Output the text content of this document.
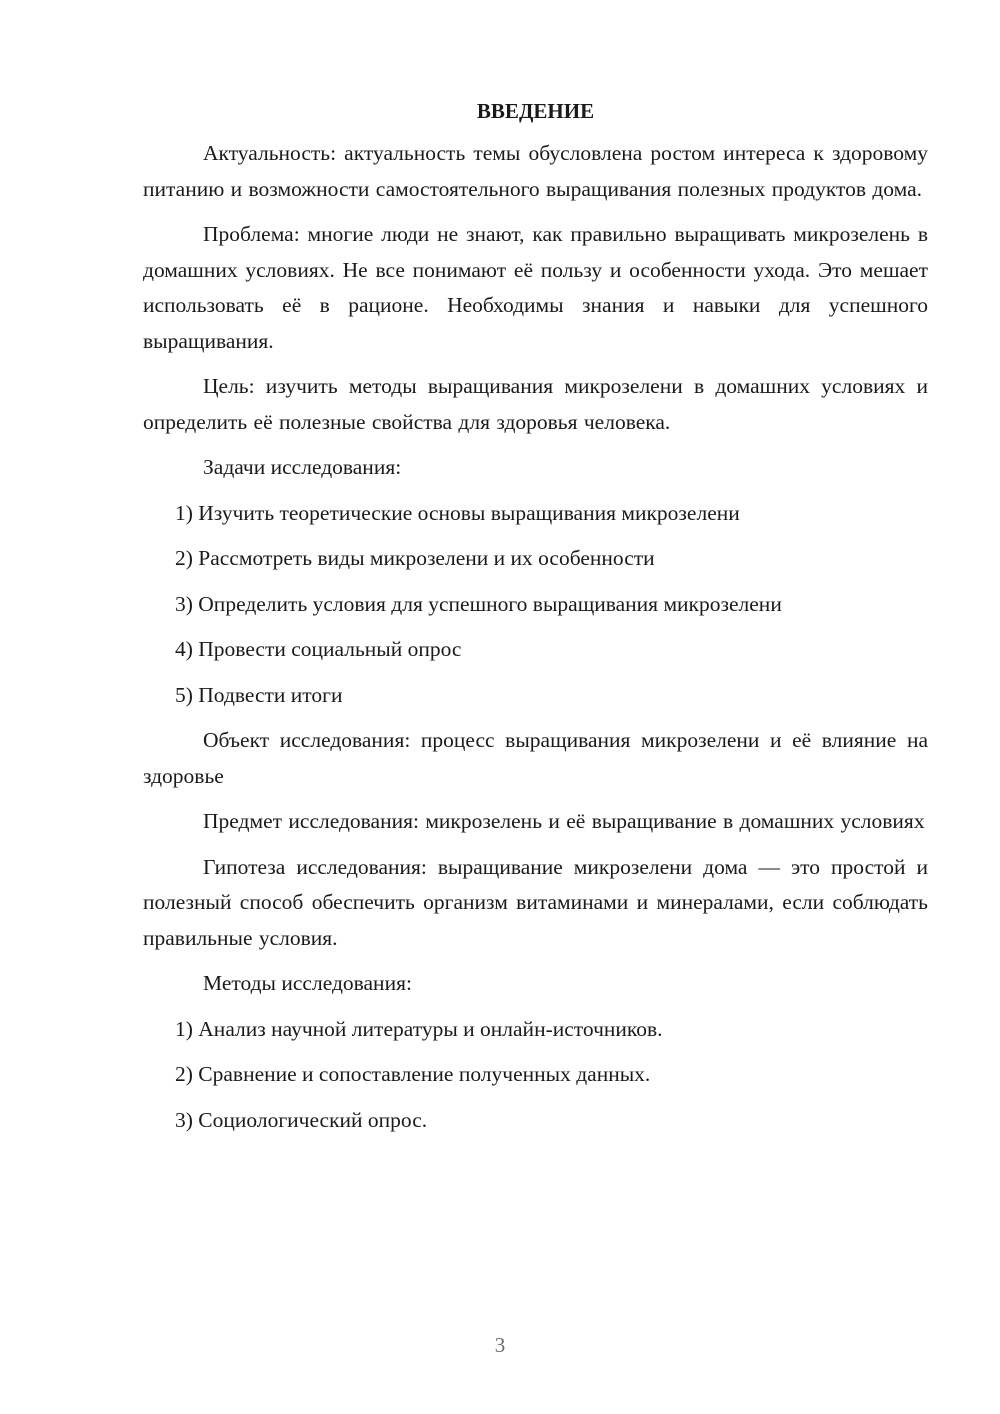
ВВЕДЕНИЕ

Актуальность: актуальность темы обусловлена ростом интереса к здоровому питанию и возможности самостоятельного выращивания полезных продуктов дома.

Проблема: многие люди не знают, как правильно выращивать микрозелень в домашних условиях. Не все понимают её пользу и особенности ухода. Это мешает использовать её в рационе. Необходимы знания и навыки для успешного выращивания.

Цель: изучить методы выращивания микрозелени в домашних условиях и определить её полезные свойства для здоровья человека.

Задачи исследования:

1) Изучить теоретические основы выращивания микрозелени
2) Рассмотреть виды микрозелени и их особенности
3) Определить условия для успешного выращивания микрозелени
4) Провести социальный опрос
5) Подвести итоги

Объект исследования: процесс выращивания микрозелени и её влияние на здоровье

Предмет исследования: микрозелень и её выращивание в домашних условиях

Гипотеза исследования: выращивание микрозелени дома — это простой и полезный способ обеспечить организм витаминами и минералами, если соблюдать правильные условия.

Методы исследования:

1) Анализ научной литературы и онлайн-источников.
2) Сравнение и сопоставление полученных данных.
3) Социологический опрос.
3
